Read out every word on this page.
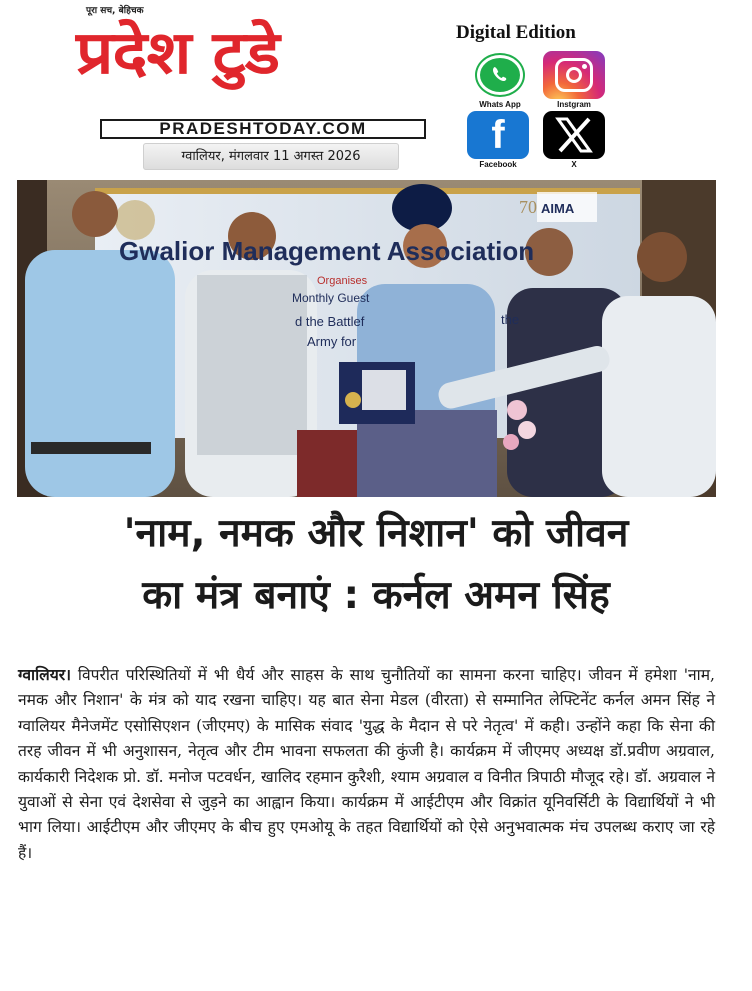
पूरा सच, बेहिचक
प्रदेश टुडे
PRADESHTODAY.COM
ग्वालियर, मंगलवार 11 अगस्त 2026
Digital Edition
Whats App	Instgram
f
Facebook	X
Gwalior Management Association
Organises
Monthly Guest
d the Battlef
Army for
the
AIMA
70
'नाम, नमक और निशान' को जीवन
का मंत्र बनाएं : कर्नल अमन सिंह
ग्वालियर। विपरीत परिस्थितियों में भी धैर्य और साहस के साथ चुनौतियों का सामना करना चाहिए। जीवन में हमेशा 'नाम, नमक और निशान' के मंत्र को याद रखना चाहिए। यह बात सेना मेडल (वीरता) से सम्मानित लेफ्टिनेंट कर्नल अमन सिंह ने ग्वालियर मैनेजमेंट एसोसिएशन (जीएमए) के मासिक संवाद 'युद्ध के मैदान से परे नेतृत्व' में कही। उन्होंने कहा कि सेना की तरह जीवन में भी अनुशासन, नेतृत्व और टीम भावना सफलता की कुंजी है। कार्यक्रम में जीएमए अध्यक्ष डॉ.प्रवीण अग्रवाल, कार्यकारी निदेशक प्रो. डॉ. मनोज पटवर्धन, खालिद रहमान कुरैशी, श्याम अग्रवाल व विनीत त्रिपाठी मौजूद रहे। डॉ. अग्रवाल ने युवाओं से सेना एवं देशसेवा से जुड़ने का आह्वान किया। कार्यक्रम में आईटीएम और विक्रांत यूनिवर्सिटी के विद्यार्थियों ने भी भाग लिया। आईटीएम और जीएमए के बीच हुए एमओयू के तहत विद्यार्थियों को ऐसे अनुभवात्मक मंच उपलब्ध कराए जा रहे हैं।
